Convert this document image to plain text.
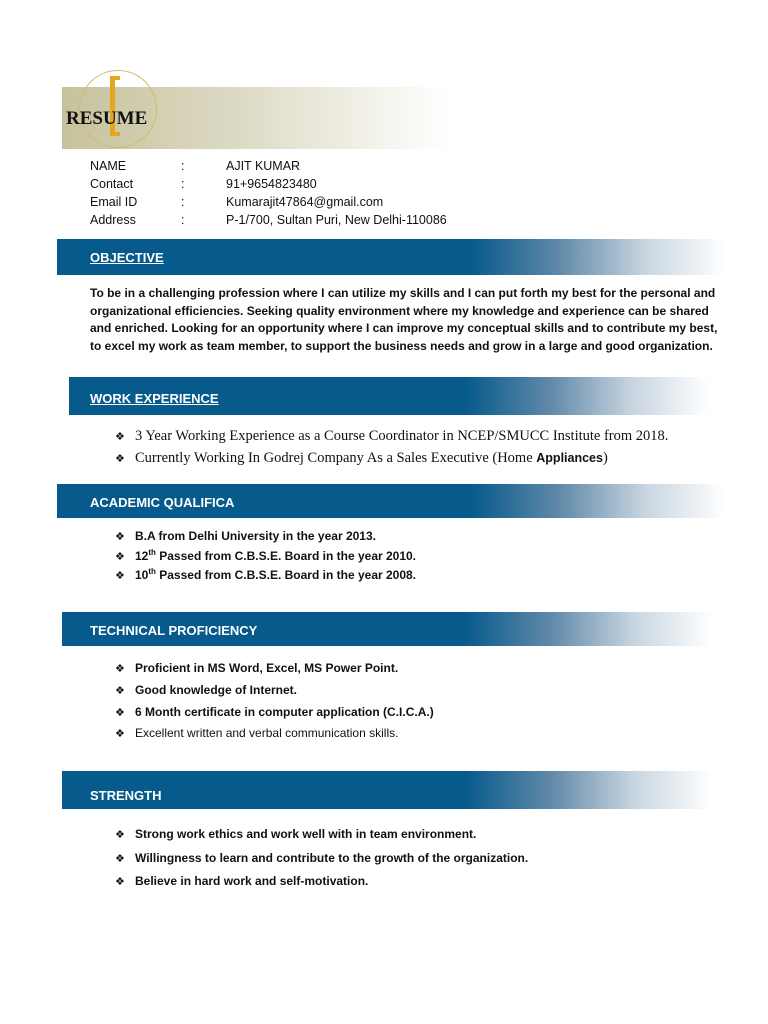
RESUME
NAME	:	AJIT KUMAR
Contact	:	91+9654823480
Email ID	:	Kumarajit47864@gmail.com
Address	:	P-1/700, Sultan Puri, New Delhi-110086
OBJECTIVE
To be in a challenging profession where I can utilize my skills and I can put forth my best for the personal and organizational efficiencies. Seeking quality environment where my knowledge and experience can be shared and enriched. Looking for an opportunity where I can improve my conceptual skills and to contribute my best, to excel my work as team member, to support the business needs and grow in a large and good organization.
WORK EXPERIENCE
❖ 3 Year Working Experience as a Course Coordinator in NCEP/SMUCC Institute from 2018.
❖ Currently Working In Godrej Company As a Sales Executive (Home Appliances)
ACADEMIC QUALIFICA
❖ B.A from Delhi University in the year 2013.
❖ 12th Passed from C.B.S.E. Board in the year 2010.
❖ 10th Passed from C.B.S.E. Board in the year 2008.
TECHNICAL PROFICIENCY
❖ Proficient in MS Word, Excel, MS Power Point.
❖ Good knowledge of Internet.
❖ 6 Month certificate in computer application (C.I.C.A.)
❖ Excellent written and verbal communication skills.
STRENGTH
❖ Strong work ethics and work well with in team environment.
❖ Willingness to learn and contribute to the growth of the organization.
❖ Believe in hard work and self-motivation.
